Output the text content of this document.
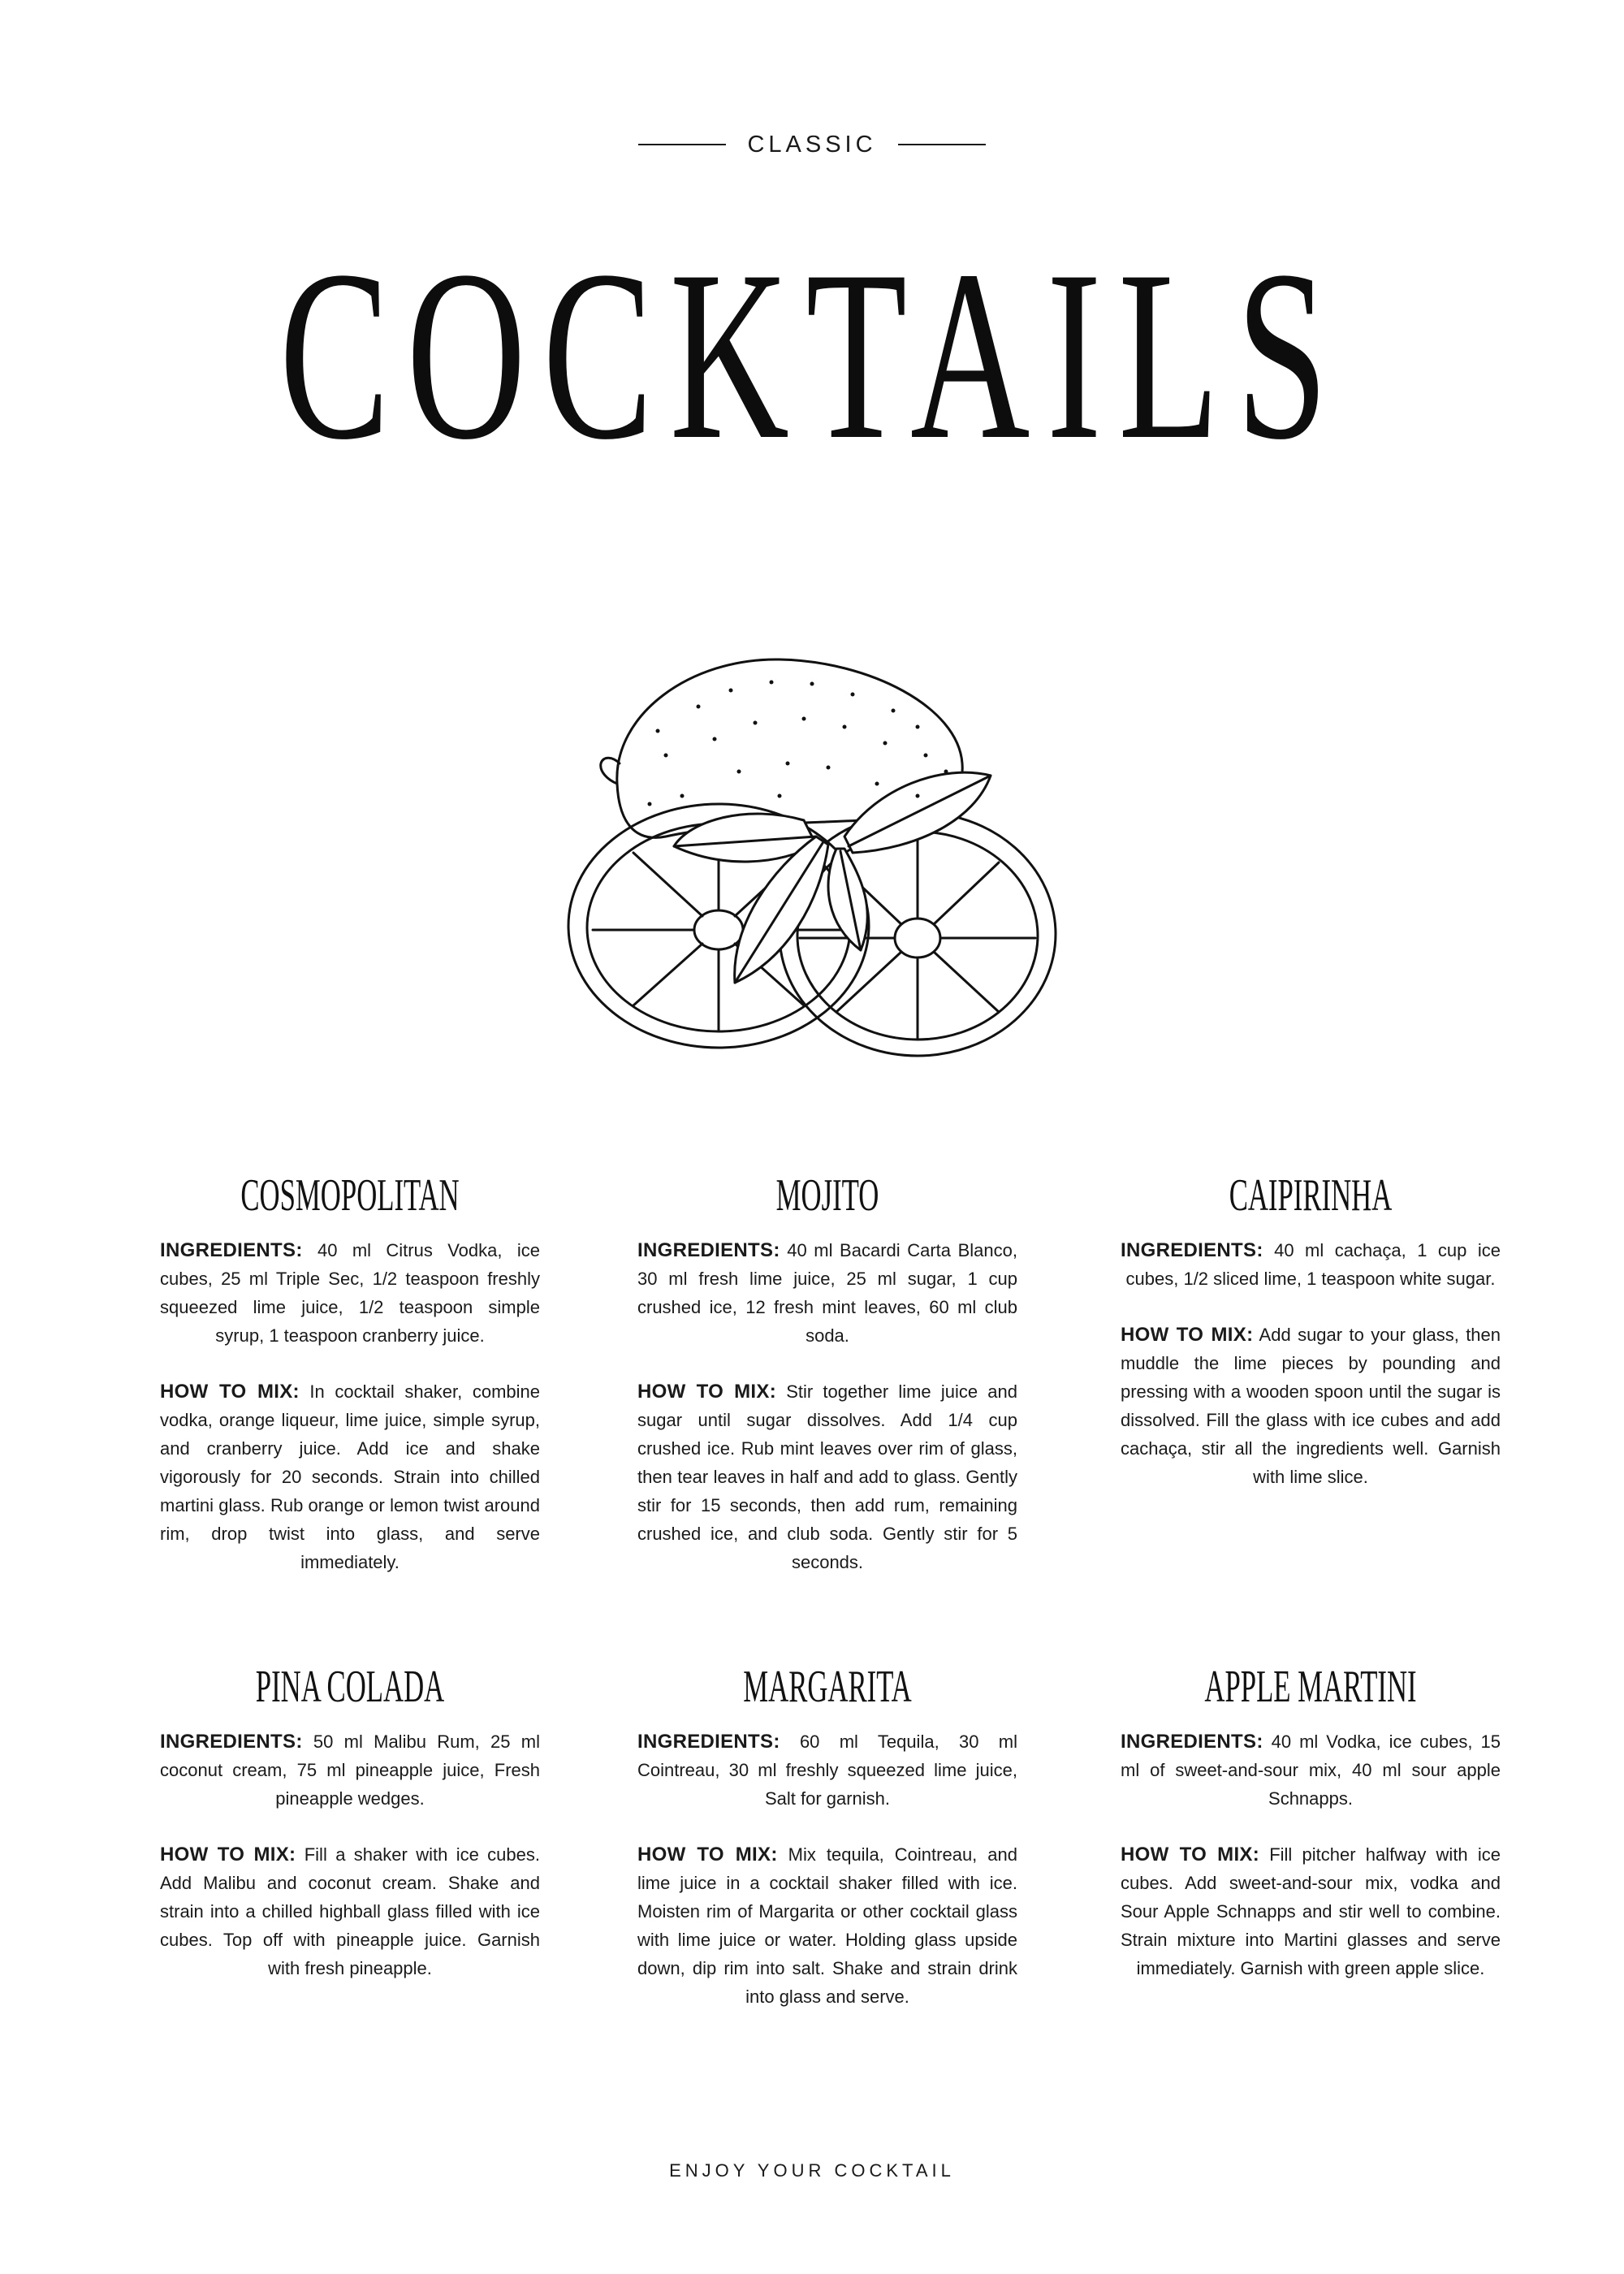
CLASSIC
COCKTAILS
COSMOPOLITAN

INGREDIENTS: 40 ml Citrus Vodka, ice cubes, 25 ml Triple Sec, 1/2 teaspoon freshly squeezed lime juice, 1/2 teaspoon simple syrup, 1 teaspoon cranberry juice.

HOW TO MIX: In cocktail shaker, combine vodka, orange liqueur, lime juice, simple syrup, and cranberry juice. Add ice and shake vigorously for 20 seconds. Strain into chilled martini glass. Rub orange or lemon twist around rim, drop twist into glass, and serve immediately.

MOJITO

INGREDIENTS: 40 ml Bacardi Carta Blanco, 30 ml fresh lime juice, 25 ml sugar, 1 cup crushed ice, 12 fresh mint leaves, 60 ml club soda.

HOW TO MIX: Stir together lime juice and sugar until sugar dissolves. Add 1/4 cup crushed ice. Rub mint leaves over rim of glass, then tear leaves in half and add to glass. Gently stir for 15 seconds, then add rum, remaining crushed ice, and club soda. Gently stir for 5 seconds.

CAIPIRINHA

INGREDIENTS: 40 ml cachaça, 1 cup ice cubes, 1/2 sliced lime, 1 teaspoon white sugar.

HOW TO MIX: Add sugar to your glass, then muddle the lime pieces by pounding and pressing with a wooden spoon until the sugar is dissolved. Fill the glass with ice cubes and add cachaça, stir all the ingredients well. Garnish with lime slice.

PINA COLADA

INGREDIENTS: 50 ml Malibu Rum, 25 ml coconut cream, 75 ml pineapple juice, Fresh pineapple wedges.

HOW TO MIX: Fill a shaker with ice cubes. Add Malibu and coconut cream. Shake and strain into a chilled highball glass filled with ice cubes. Top off with pineapple juice. Garnish with fresh pineapple.

MARGARITA

INGREDIENTS: 60 ml Tequila, 30 ml Cointreau, 30 ml freshly squeezed lime juice, Salt for garnish.

HOW TO MIX: Mix tequila, Cointreau, and lime juice in a cocktail shaker filled with ice. Moisten rim of Margarita or other cocktail glass with lime juice or water. Holding glass upside down, dip rim into salt. Shake and strain drink into glass and serve.

APPLE MARTINI

INGREDIENTS: 40 ml Vodka, ice cubes, 15 ml of sweet-and-sour mix, 40 ml sour apple Schnapps.

HOW TO MIX: Fill pitcher halfway with ice cubes. Add sweet-and-sour mix, vodka and Sour Apple Schnapps and stir well to combine. Strain mixture into Martini glasses and serve immediately. Garnish with green apple slice.

ENJOY YOUR COCKTAIL
